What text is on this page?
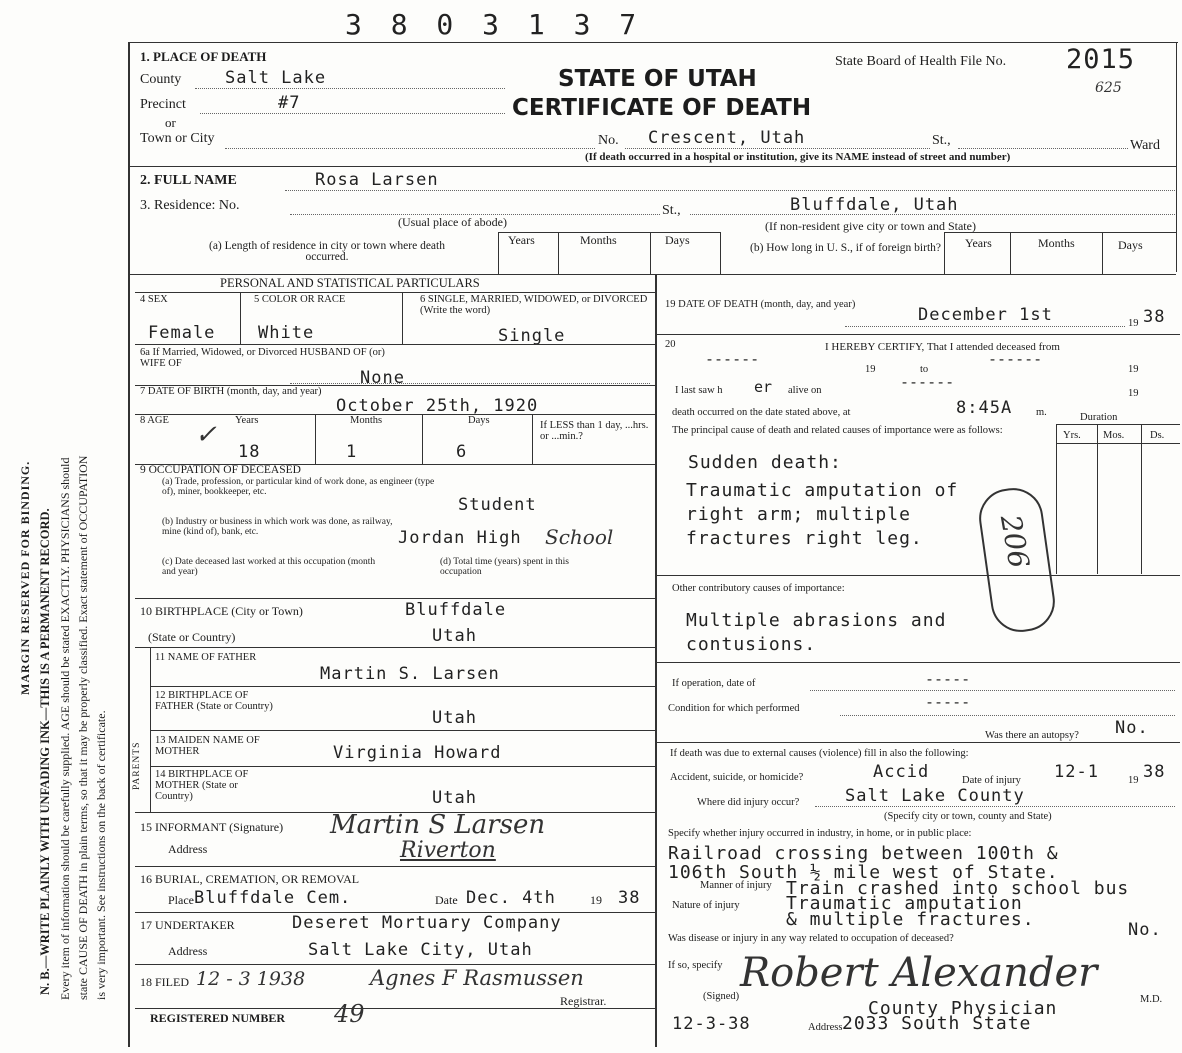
MARGIN RESERVED FOR BINDING. N. B.—WRITE PLAINLY WITH UNFADING INK—THIS IS A PERMANENT RECORD. Every item of information should be carefully supplied. AGE should be stated EXACTLY. PHYSICIANS should state CAUSE OF DEATH in plain terms, so that it may be properly classified. Exact statement of OCCUPATION is very important. See instructions on the back of certificate.
3 8 0 3 1 3 7
1. PLACE OF DEATH
STATE OF UTAH
CERTIFICATE OF DEATH
State Board of Health File No. 2015
625
County	Salt Lake
Precinct	#7
or
Town or City	No. Crescent, Utah	St.,	Ward
(If death occurred in a hospital or institution, give its NAME instead of street and number)
2. FULL NAME	Rosa Larsen
3. Residence: No.	St.,	Bluffdale, Utah
(Usual place of abode)	(If non-resident give city or town and State)
(a) Length of residence in city or town where death occurred.
Years	Months	Days
(b) How long in U. S., if of foreign birth?	Years	Months	Days
PERSONAL AND STATISTICAL PARTICULARS
4 SEX
Female
5 COLOR OR RACE
White
6 SINGLE, MARRIED, WIDOWED, or DIVORCED (Write the word)
Single
6a If Married, Widowed, or Divorced HUSBAND OF (or) WIFE OF
None
7 DATE OF BIRTH (month, day, and year)
October 25th, 1920
8 AGE	Years	Months	Days	If LESS than 1 day, ...hrs. or ...min.?
✓
18	1	6
9 OCCUPATION OF DECEASED
(a) Trade, profession, or particular kind of work done, as engineer (type of), miner, bookkeeper, etc.
Student
(b) Industry or business in which work was done, as railway, mine (kind of), bank, etc.	Jordan High School
(c) Date deceased last worked at this occupation (month and year)
(d) Total time (years) spent in this occupation
10 BIRTHPLACE (City or Town)	Bluffdale
(State or Country)	Utah
PARENTS
11 NAME OF FATHER
Martin S. Larsen
12 BIRTHPLACE OF FATHER (State or Country)
Utah
13 MAIDEN NAME OF MOTHER	Virginia Howard
14 BIRTHPLACE OF MOTHER (State or Country)	Utah
15 INFORMANT (Signature) Martin S Larsen
Address	Riverton
16 BURIAL, CREMATION, OR REMOVAL
Place Bluffdale Cem.	Date Dec. 4th	19 38
17 UNDERTAKER	Deseret Mortuary Company
Address	Salt Lake City, Utah
18 FILED 12 - 3 1938	Agnes F Rasmussen
Registrar.
REGISTERED NUMBER 49
19 DATE OF DEATH (month, day, and year)
December 1st	19 38
20	I HEREBY CERTIFY, That I attended deceased from
------
19	to
------
19
I last saw h er alive on	------
19
death occurred on the date stated above, at	8:45A m.	Duration
The principal cause of death and related causes of importance were as follows:	Yrs. Mos. Ds.
Sudden death:
Traumatic amputation of
right arm; multiple
fractures right leg.	206
Other contributory causes of importance:
Multiple abrasions and
contusions.
If operation, date of	-----
Condition for which performed	-----
Was there an autopsy? No.
If death was due to external causes (violence) fill in also the following:
Accident, suicide, or homicide?	Accid	Date of injury 12-1	19 38
Where did injury occur?	Salt Lake County
(Specify city or town, county and State)
Specify whether injury occurred in industry, in home, or in public place:
Railroad crossing between 100th &
106th South ½ mile west of State.
Manner of injury Train crashed into school bus
Nature of injury	Traumatic amputation
& multiple fractures.
Was disease or injury in any way related to occupation of deceased?	No.
If so, specify
(Signed)
Robert Alexander
M.D.
County Physician
12-3-38	Address 2033 South State
